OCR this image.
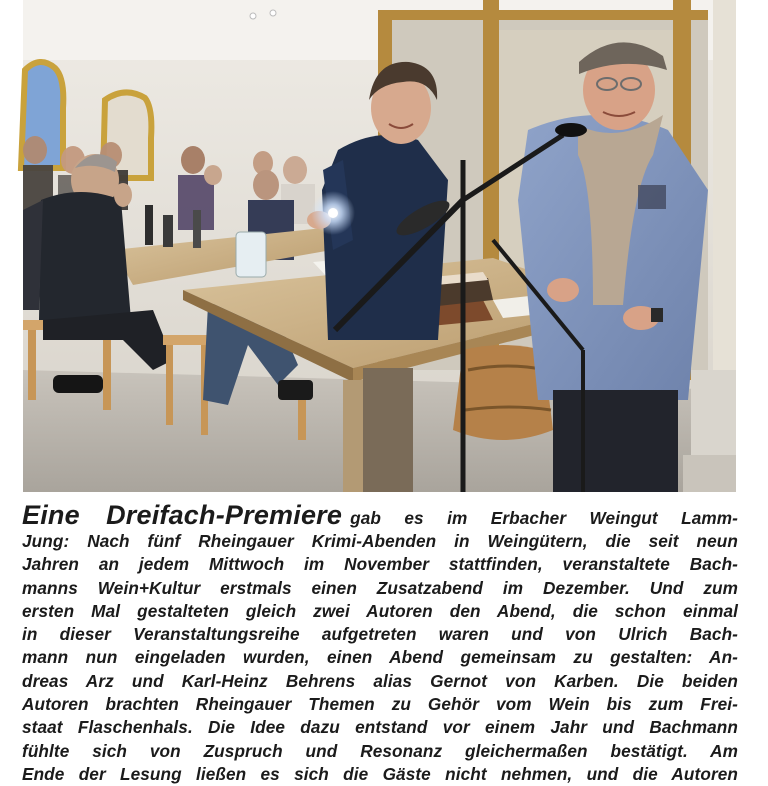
Eine Dreifach-Premiere gab es im Erbacher Weingut Lamm-
Jung: Nach fünf Rheingauer Krimi-Abenden in Weingütern, die seit neun
Jahren an jedem Mittwoch im November stattfinden, veranstaltete Bach-
manns Wein+Kultur erstmals einen Zusatzabend im Dezember. Und zum
ersten Mal gestalteten gleich zwei Autoren den Abend, die schon einmal
in dieser Veranstaltungsreihe aufgetreten waren und von Ulrich Bach-
mann nun eingeladen wurden, einen Abend gemeinsam zu gestalten: An-
dreas Arz und Karl-Heinz Behrens alias Gernot von Karben. Die beiden
Autoren brachten Rheingauer Themen zu Gehör vom Wein bis zum Frei-
staat Flaschenhals. Die Idee dazu entstand vor einem Jahr und Bachmann
fühlte sich von Zuspruch und Resonanz gleichermaßen bestätigt. Am
Ende der Lesung ließen es sich die Gäste nicht nehmen, und die Autoren
